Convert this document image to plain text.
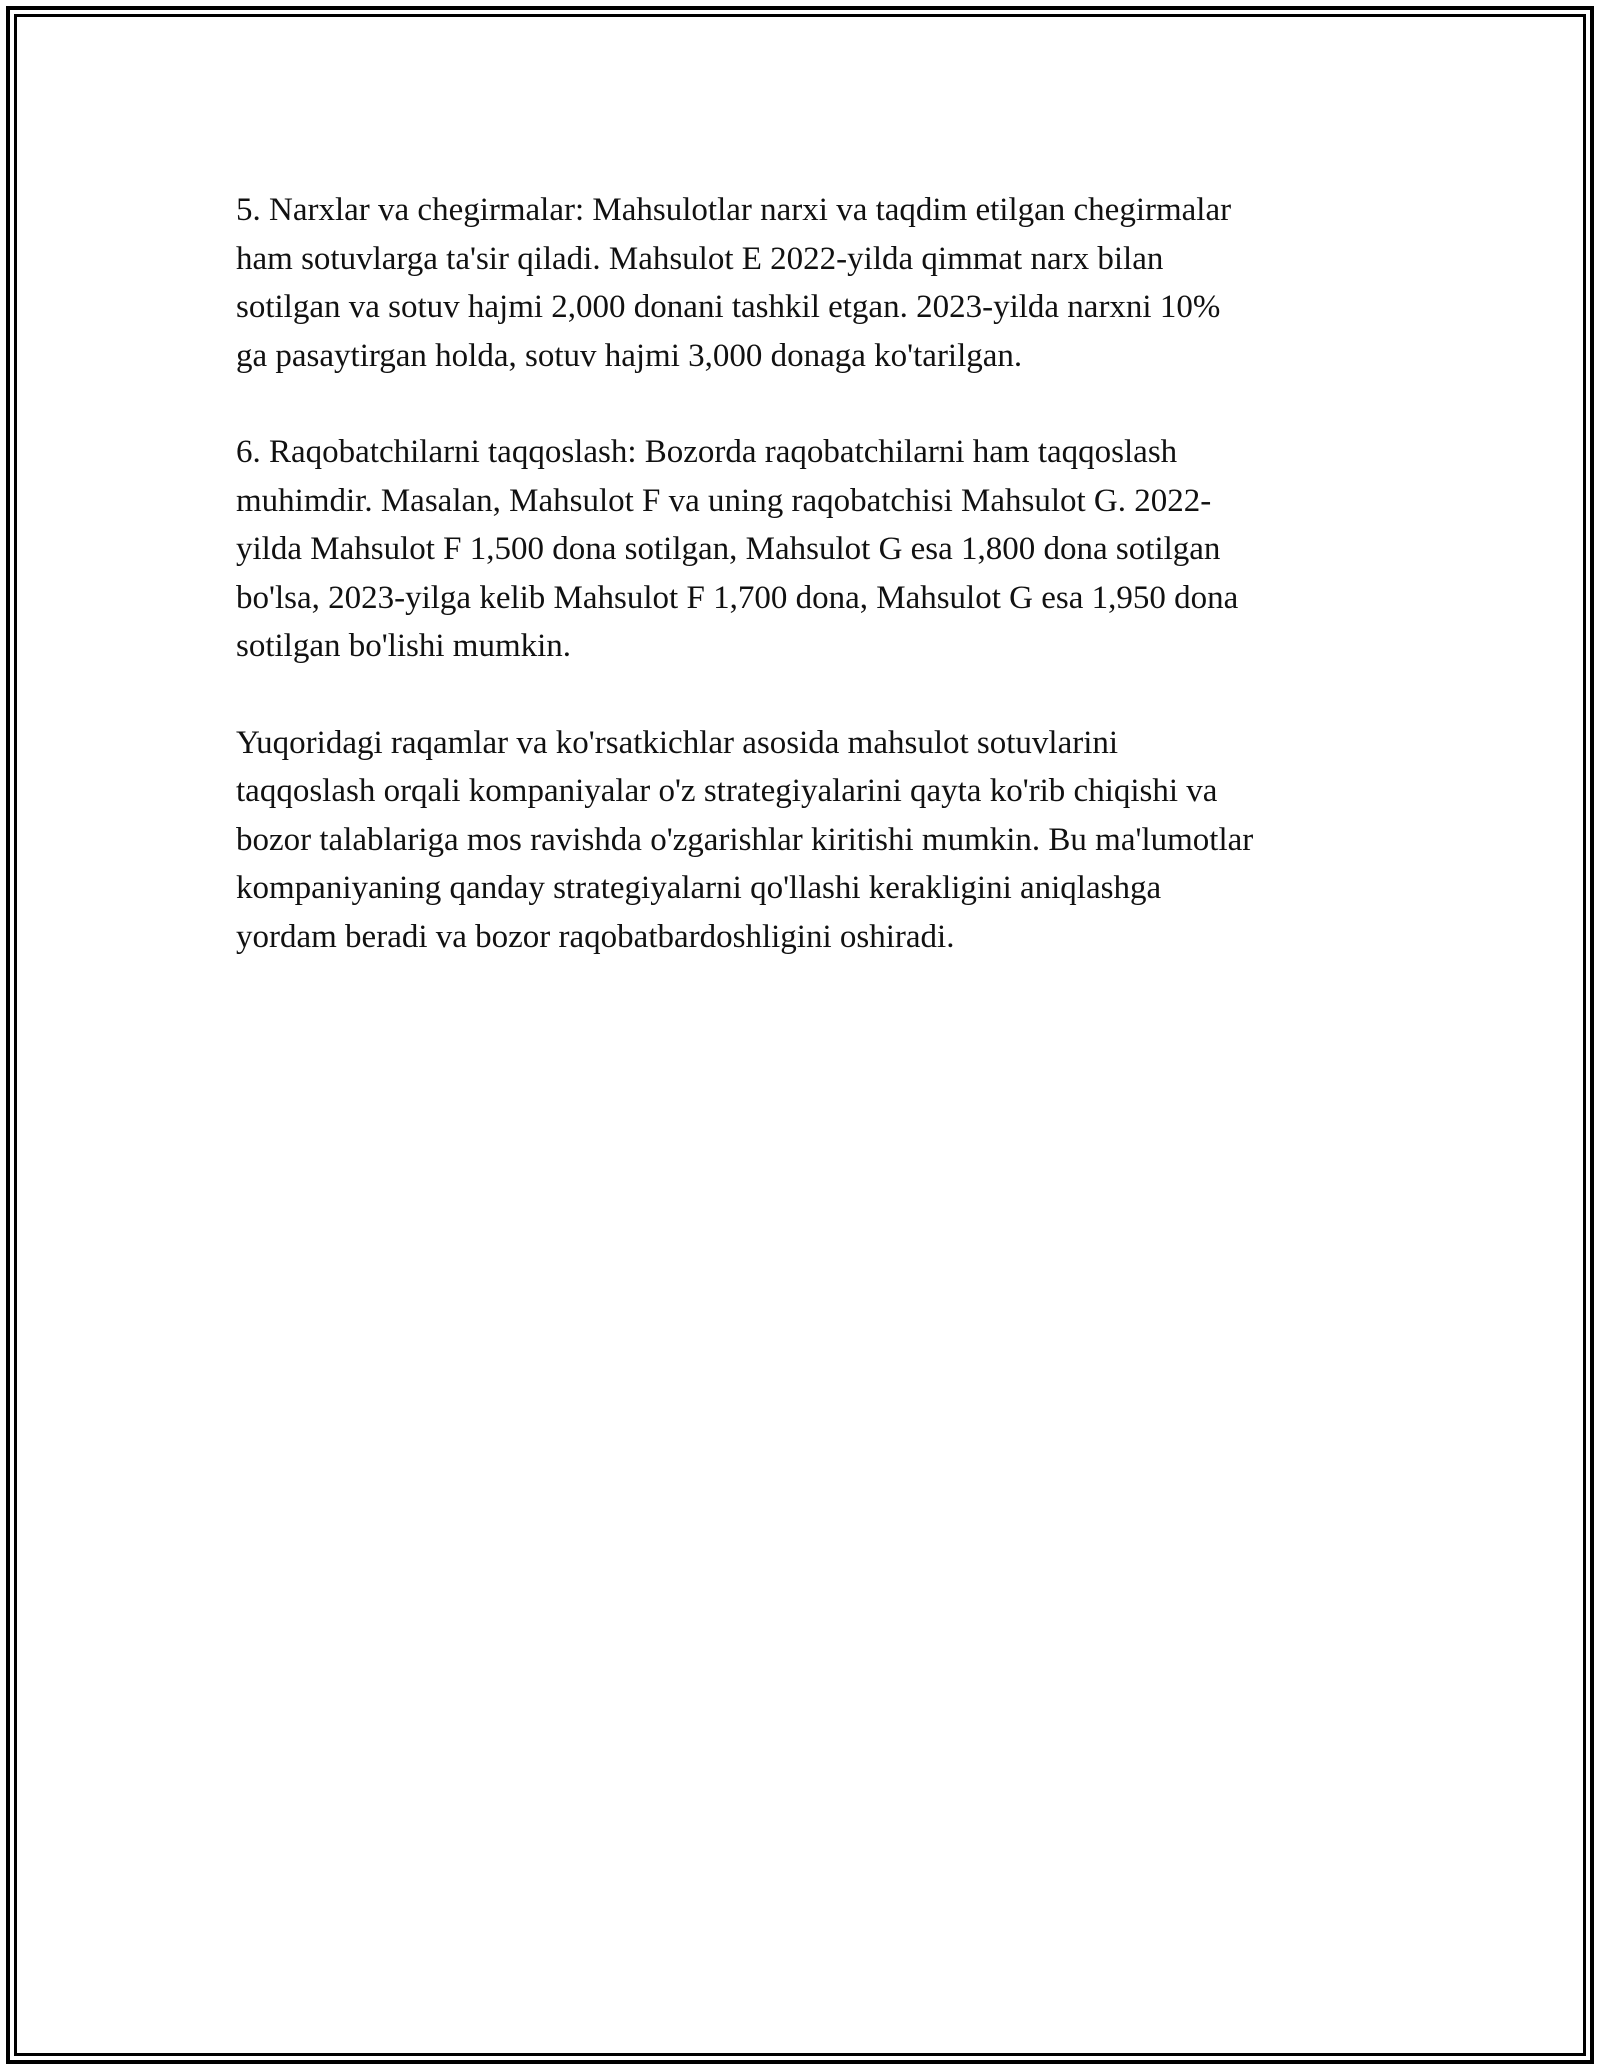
5. Narxlar va chegirmalar: Mahsulotlar narxi va taqdim etilgan chegirmalar
ham sotuvlarga ta'sir qiladi. Mahsulot E 2022-yilda qimmat narx bilan
sotilgan va sotuv hajmi 2,000 donani tashkil etgan. 2023-yilda narxni 10%
ga pasaytirgan holda, sotuv hajmi 3,000 donaga ko'tarilgan.

6. Raqobatchilarni taqqoslash: Bozorda raqobatchilarni ham taqqoslash
muhimdir. Masalan, Mahsulot F va uning raqobatchisi Mahsulot G. 2022-
yilda Mahsulot F 1,500 dona sotilgan, Mahsulot G esa 1,800 dona sotilgan
bo'lsa, 2023-yilga kelib Mahsulot F 1,700 dona, Mahsulot G esa 1,950 dona
sotilgan bo'lishi mumkin.

Yuqoridagi raqamlar va ko'rsatkichlar asosida mahsulot sotuvlarini
taqqoslash orqali kompaniyalar o'z strategiyalarini qayta ko'rib chiqishi va
bozor talablariga mos ravishda o'zgarishlar kiritishi mumkin. Bu ma'lumotlar
kompaniyaning qanday strategiyalarni qo'llashi kerakligini aniqlashga
yordam beradi va bozor raqobatbardoshligini oshiradi.
